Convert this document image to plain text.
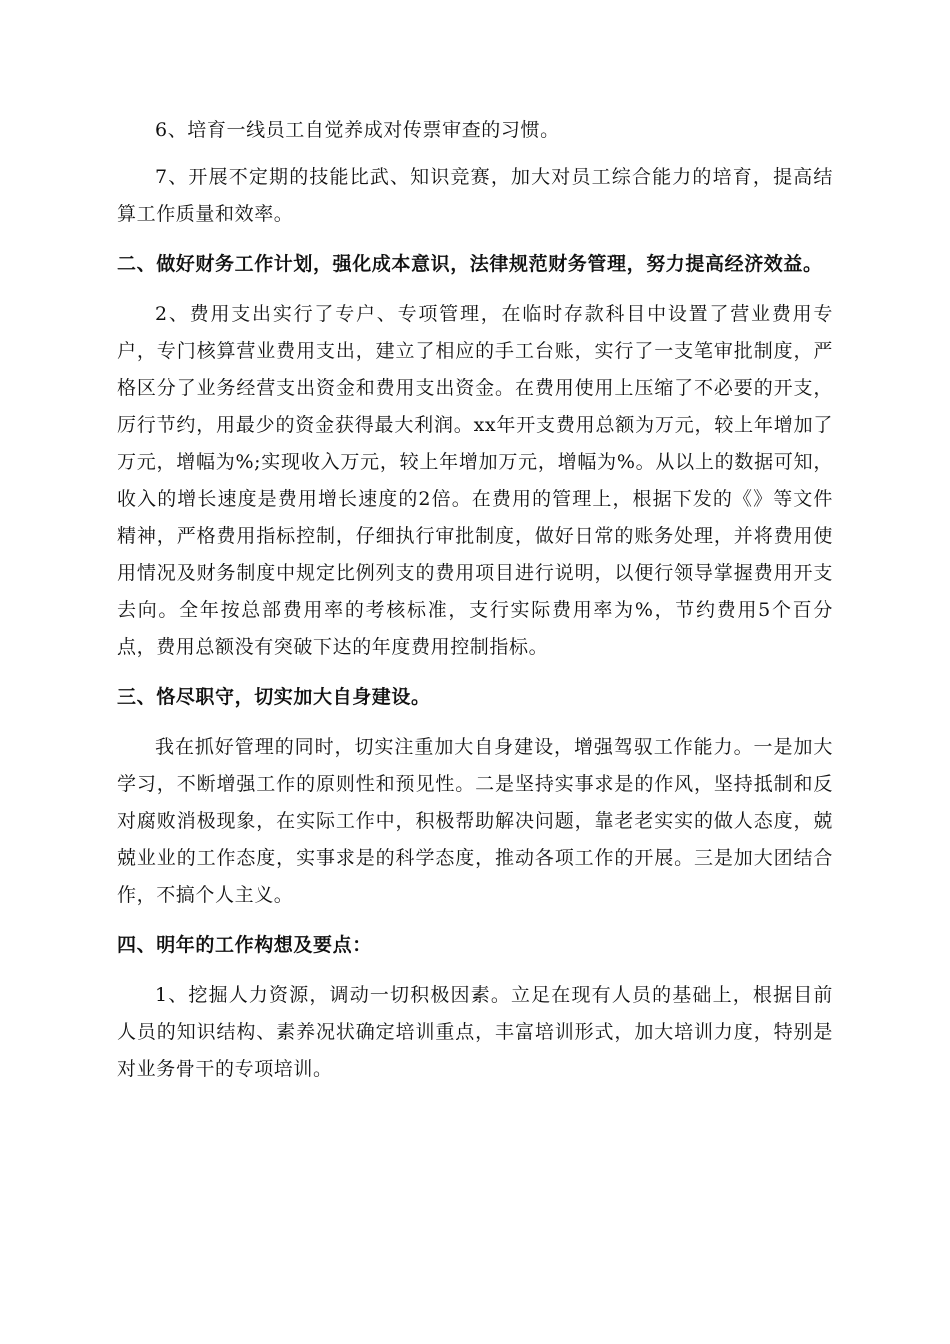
6、培育一线员工自觉养成对传票审查的习惯。

7、开展不定期的技能比武、知识竞赛，加大对员工综合能力的培育，提高结算工作质量和效率。

二、做好财务工作计划，强化成本意识，法律规范财务管理，努力提高经济效益。

2、费用支出实行了专户、专项管理，在临时存款科目中设置了营业费用专户，专门核算营业费用支出，建立了相应的手工台账，实行了一支笔审批制度，严格区分了业务经营支出资金和费用支出资金。在费用使用上压缩了不必要的开支，厉行节约，用最少的资金获得最大利润。xx年开支费用总额为万元，较上年增加了万元，增幅为%;实现收入万元，较上年增加万元，增幅为%。从以上的数据可知，收入的增长速度是费用增长速度的2倍。在费用的管理上，根据下发的《》等文件精神，严格费用指标控制，仔细执行审批制度，做好日常的账务处理，并将费用使用情况及财务制度中规定比例列支的费用项目进行说明，以便行领导掌握费用开支去向。全年按总部费用率的考核标准，支行实际费用率为%，节约费用5个百分点，费用总额没有突破下达的年度费用控制指标。

三、恪尽职守，切实加大自身建设。

我在抓好管理的同时，切实注重加大自身建设，增强驾驭工作能力。一是加大学习，不断增强工作的原则性和预见性。二是坚持实事求是的作风，坚持抵制和反对腐败消极现象，在实际工作中，积极帮助解决问题，靠老老实实的做人态度，兢兢业业的工作态度，实事求是的科学态度，推动各项工作的开展。三是加大团结合作，不搞个人主义。

四、明年的工作构想及要点：

1、挖掘人力资源，调动一切积极因素。立足在现有人员的基础上，根据目前人员的知识结构、素养况状确定培训重点，丰富培训形式，加大培训力度，特别是对业务骨干的专项培训。
